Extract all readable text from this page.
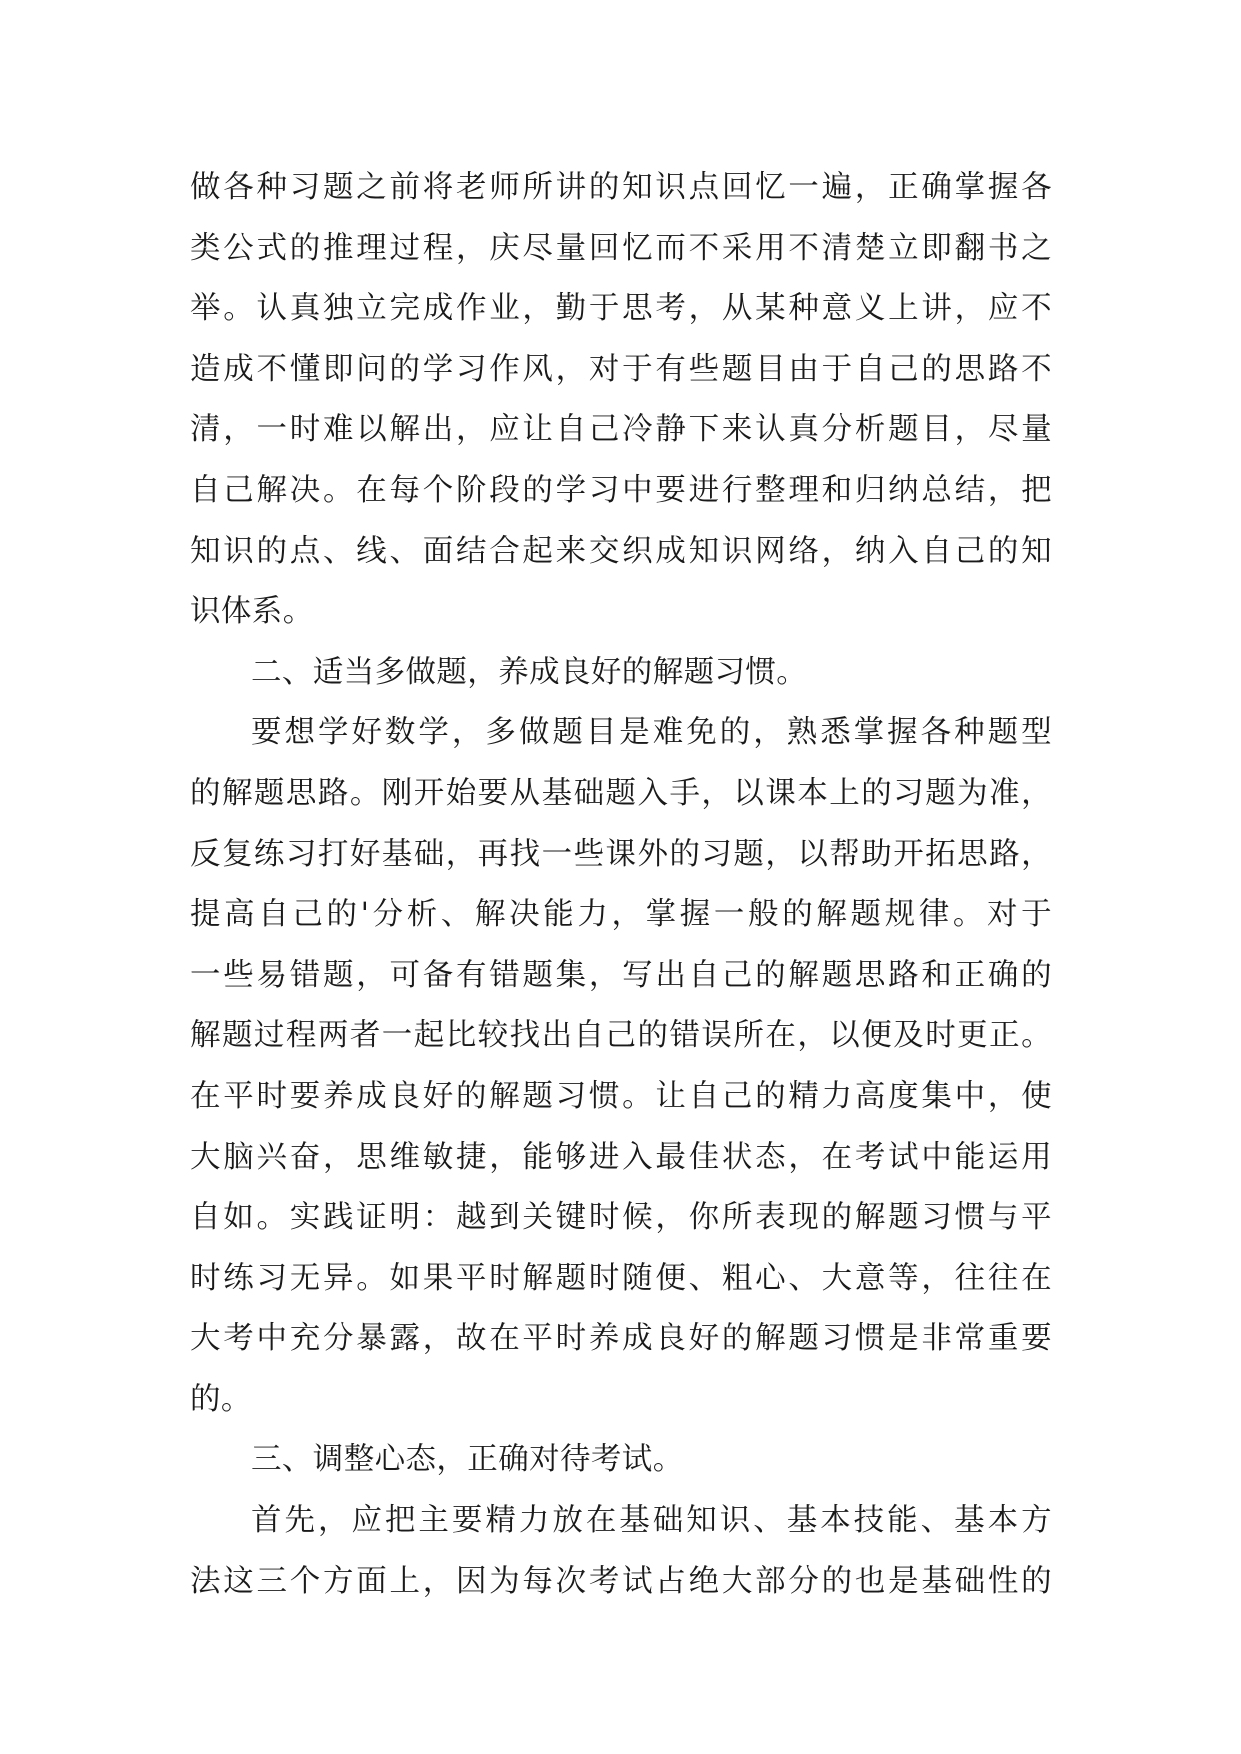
做各种习题之前将老师所讲的知识点回忆一遍，正确掌握各
类公式的推理过程，庆尽量回忆而不采用不清楚立即翻书之
举。认真独立完成作业，勤于思考，从某种意义上讲，应不
造成不懂即问的学习作风，对于有些题目由于自己的思路不
清，一时难以解出，应让自己冷静下来认真分析题目，尽量
自己解决。在每个阶段的学习中要进行整理和归纳总结，把
知识的点、线、面结合起来交织成知识网络，纳入自己的知
识体系。
二、适当多做题，养成良好的解题习惯。
要想学好数学，多做题目是难免的，熟悉掌握各种题型
的解题思路。刚开始要从基础题入手，以课本上的习题为准，
反复练习打好基础，再找一些课外的习题，以帮助开拓思路，
提高自己的'分析、解决能力，掌握一般的解题规律。对于
一些易错题，可备有错题集，写出自己的解题思路和正确的
解题过程两者一起比较找出自己的错误所在，以便及时更正。
在平时要养成良好的解题习惯。让自己的精力高度集中，使
大脑兴奋，思维敏捷，能够进入最佳状态，在考试中能运用
自如。实践证明：越到关键时候，你所表现的解题习惯与平
时练习无异。如果平时解题时随便、粗心、大意等，往往在
大考中充分暴露，故在平时养成良好的解题习惯是非常重要
的。
三、调整心态，正确对待考试。
首先，应把主要精力放在基础知识、基本技能、基本方
法这三个方面上，因为每次考试占绝大部分的也是基础性的
